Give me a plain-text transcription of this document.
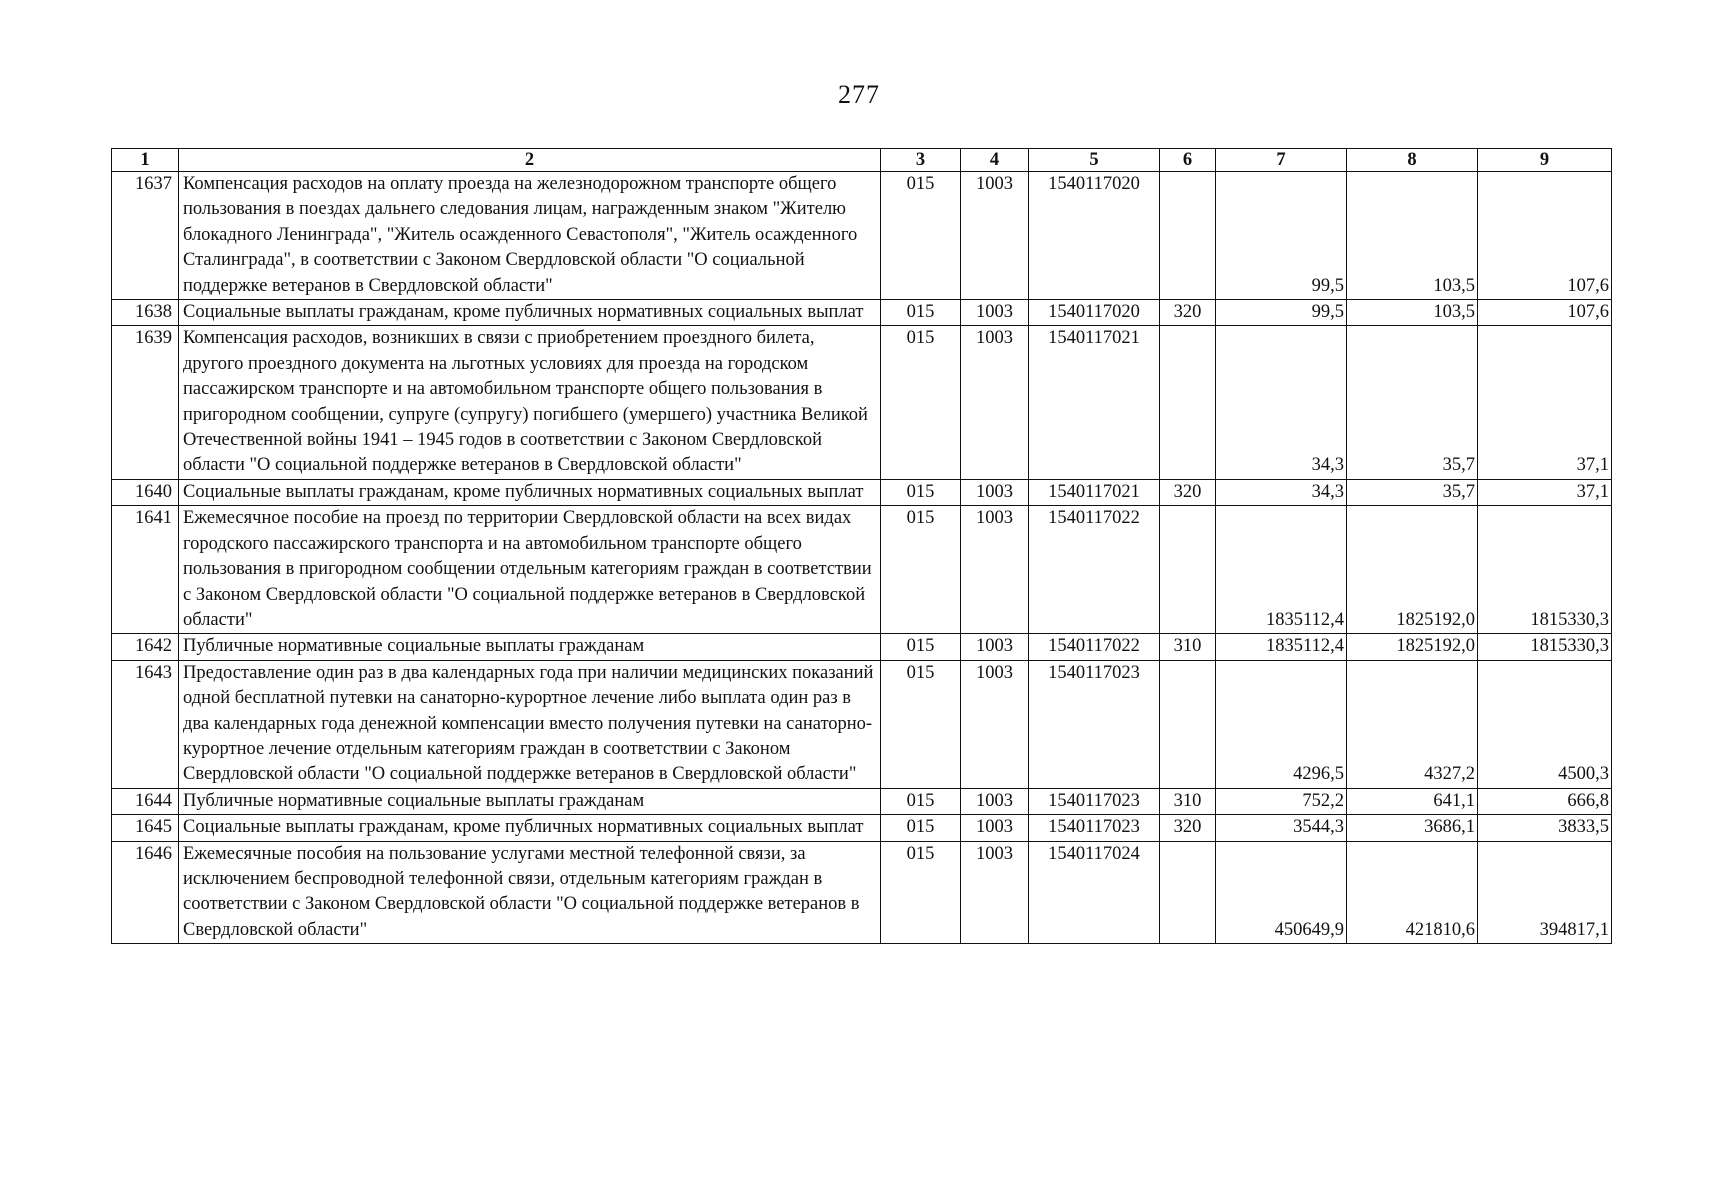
277
1	2	3	4	5	6	7	8	9
1637	Компенсация расходов на оплату проезда на железнодорожном транспорте общего пользования в поездах дальнего следования лицам, награжденным знаком "Жителю блокадного Ленинграда", "Житель осажденного Севастополя", "Житель осажденного Сталинграда", в соответствии с Законом Свердловской области "О социальной поддержке ветеранов в Свердловской области"	015	1003	1540117020		99,5	103,5	107,6
1638	Социальные выплаты гражданам, кроме публичных нормативных социальных выплат	015	1003	1540117020	320	99,5	103,5	107,6
1639	Компенсация расходов, возникших в связи с приобретением проездного билета, другого проездного документа на льготных условиях для проезда на городском пассажирском транспорте и на автомобильном транспорте общего пользования в пригородном сообщении, супруге (супругу) погибшего (умершего) участника Великой Отечественной войны 1941 – 1945 годов в соответствии с Законом Свердловской области "О социальной поддержке ветеранов в Свердловской области"	015	1003	1540117021		34,3	35,7	37,1
1640	Социальные выплаты гражданам, кроме публичных нормативных социальных выплат	015	1003	1540117021	320	34,3	35,7	37,1
1641	Ежемесячное пособие на проезд по территории Свердловской области на всех видах городского пассажирского транспорта и на автомобильном транспорте общего пользования в пригородном сообщении отдельным категориям граждан в соответствии с Законом Свердловской области "О социальной поддержке ветеранов в Свердловской области"	015	1003	1540117022		1835112,4	1825192,0	1815330,3
1642	Публичные нормативные социальные выплаты гражданам	015	1003	1540117022	310	1835112,4	1825192,0	1815330,3
1643	Предоставление один раз в два календарных года при наличии медицинских показаний одной бесплатной путевки на санаторно-курортное лечение либо выплата один раз в два календарных года денежной компенсации вместо получения путевки на санаторно-курортное лечение отдельным категориям граждан в соответствии с Законом Свердловской области "О социальной поддержке ветеранов в Свердловской области"	015	1003	1540117023		4296,5	4327,2	4500,3
1644	Публичные нормативные социальные выплаты гражданам	015	1003	1540117023	310	752,2	641,1	666,8
1645	Социальные выплаты гражданам, кроме публичных нормативных социальных выплат	015	1003	1540117023	320	3544,3	3686,1	3833,5
1646	Ежемесячные пособия на пользование услугами местной телефонной связи, за исключением беспроводной телефонной связи, отдельным категориям граждан в соответствии с Законом Свердловской области "О социальной поддержке ветеранов в Свердловской области"	015	1003	1540117024		450649,9	421810,6	394817,1
